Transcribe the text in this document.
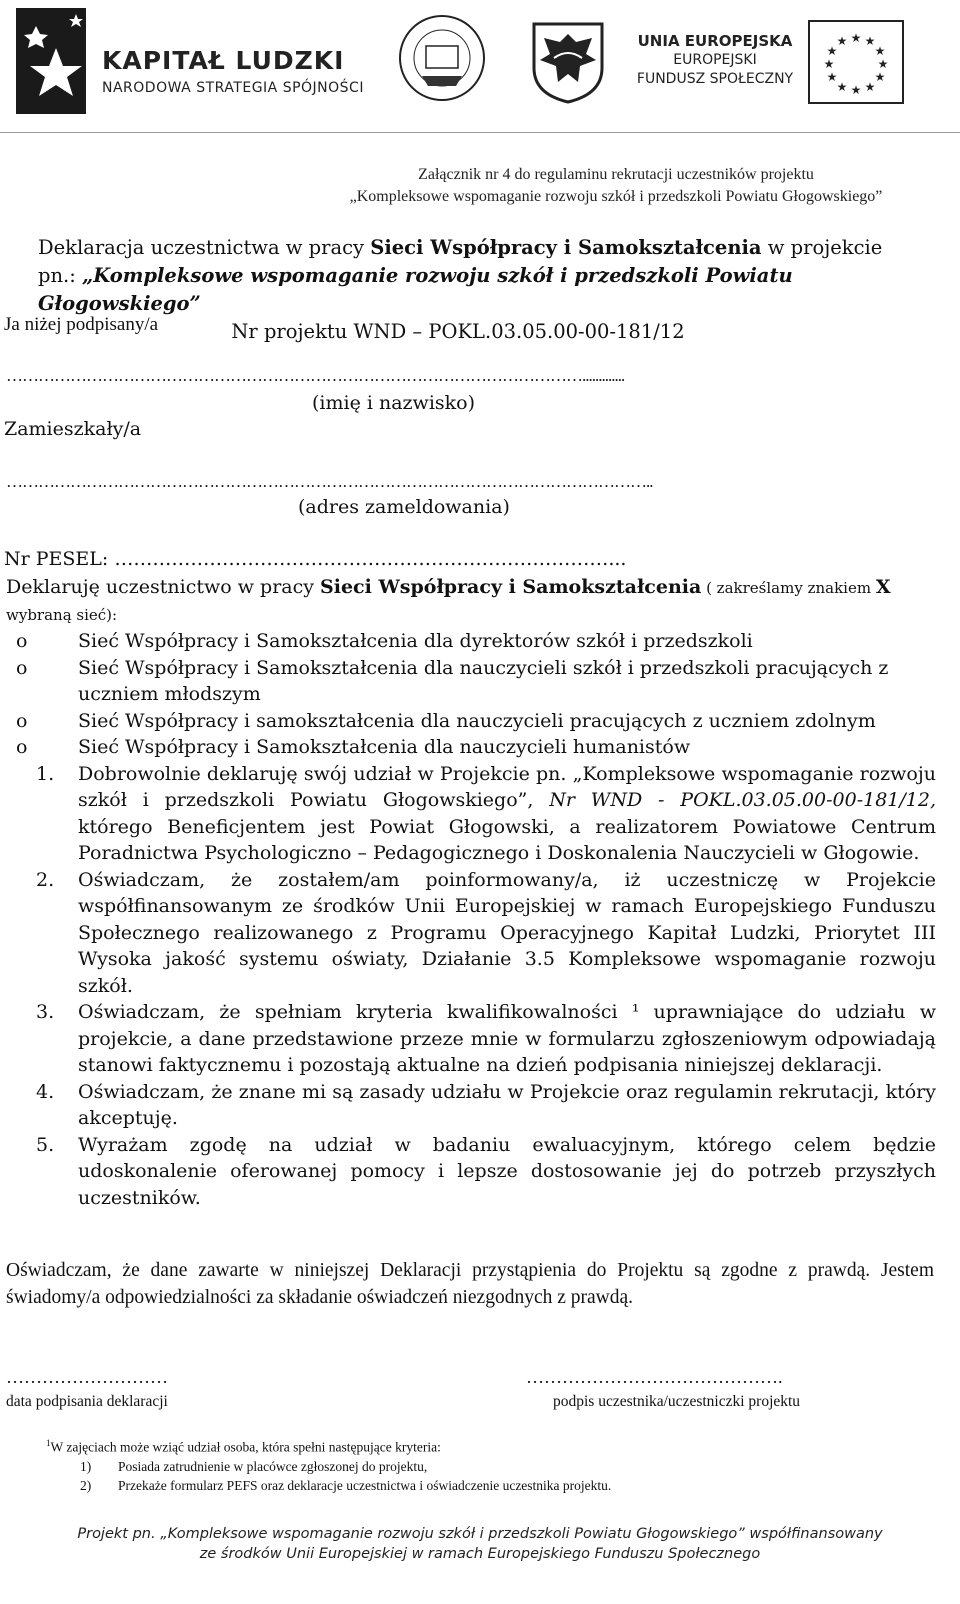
KAPITAŁ LUDZKI
NARODOWA STRATEGIA SPÓJNOŚCI
UNIA EUROPEJSKA
EUROPEJSKI
FUNDUSZ SPOŁECZNY
★ ★
★
★
★
★
★
★
★
★
★
★
Załącznik nr 4 do regulaminu rekrutacji uczestników projektu
„Kompleksowe wspomaganie rozwoju szkół i przedszkoli Powiatu Głogowskiego”
Deklaracja uczestnictwa w pracy Sieci Współpracy i Samokształcenia w projekcie
pn.: „Kompleksowe wspomaganie rozwoju szkół i przedszkoli Powiatu Głogowskiego”
Nr projektu WND – POKL.03.05.00-00-181/12
Ja niżej podpisany/a
……………………………………………………………………………………………….............
(imię i nazwisko)
Zamieszkały/a
…………………………………………………………………………………………………………..
(adres zameldowania)
Nr PESEL: ……………………………………………………………………...
Deklaruję uczestnictwo w pracy Sieci Współpracy i Samokształcenia ( zakreślamy znakiem X
wybraną sieć):
o	Sieć Współpracy i Samokształcenia dla dyrektorów szkół i przedszkoli
o	Sieć Współpracy i Samokształcenia dla nauczycieli szkół i przedszkoli pracujących z uczniem młodszym
o	Sieć Współpracy i samokształcenia dla nauczycieli pracujących z uczniem zdolnym
o	Sieć Współpracy i Samokształcenia dla nauczycieli humanistów
1. Dobrowolnie deklaruję swój udział w Projekcie pn. „Kompleksowe wspomaganie rozwoju szkół i przedszkoli Powiatu Głogowskiego”, Nr WND - POKL.03.05.00-00-181/12, którego Beneficjentem jest Powiat Głogowski, a realizatorem Powiatowe Centrum Poradnictwa Psychologiczno – Pedagogicznego i Doskonalenia Nauczycieli w Głogowie.
2. Oświadczam, że zostałem/am poinformowany/a, iż uczestniczę w Projekcie współfinansowanym ze środków Unii Europejskiej w ramach Europejskiego Funduszu Społecznego realizowanego z Programu Operacyjnego Kapitał Ludzki, Priorytet III Wysoka jakość systemu oświaty, Działanie 3.5 Kompleksowe wspomaganie rozwoju szkół.
3. Oświadczam, że spełniam kryteria kwalifikowalności ¹ uprawniające do udziału w projekcie, a dane przedstawione przeze mnie w formularzu zgłoszeniowym odpowiadają stanowi faktycznemu i pozostają aktualne na dzień podpisania niniejszej deklaracji.
4. Oświadczam, że znane mi są zasady udziału w Projekcie oraz regulamin rekrutacji, który akceptuję.
5. Wyrażam zgodę na udział w badaniu ewaluacyjnym, którego celem będzie udoskonalenie oferowanej pomocy i lepsze dostosowanie jej do potrzeb przyszłych uczestników.
Oświadczam, że dane zawarte w niniejszej Deklaracji przystąpienia do Projektu są zgodne z prawdą. Jestem świadomy/a odpowiedzialności za składanie oświadczeń niezgodnych z prawdą.
………………………	…………………………………….
data podpisania deklaracji	podpis uczestnika/uczestniczki projektu
$^1$W zajęciach może wziąć udział osoba, która spełni następujące kryteria:
1) Posiada zatrudnienie w placówce zgłoszonej do projektu,
2) Przekaże formularz PEFS oraz deklaracje uczestnictwa i oświadczenie uczestnika projektu.
Projekt pn. „Kompleksowe wspomaganie rozwoju szkół i przedszkoli Powiatu Głogowskiego” współfinansowany
ze środków Unii Europejskiej w ramach Europejskiego Funduszu Społecznego
